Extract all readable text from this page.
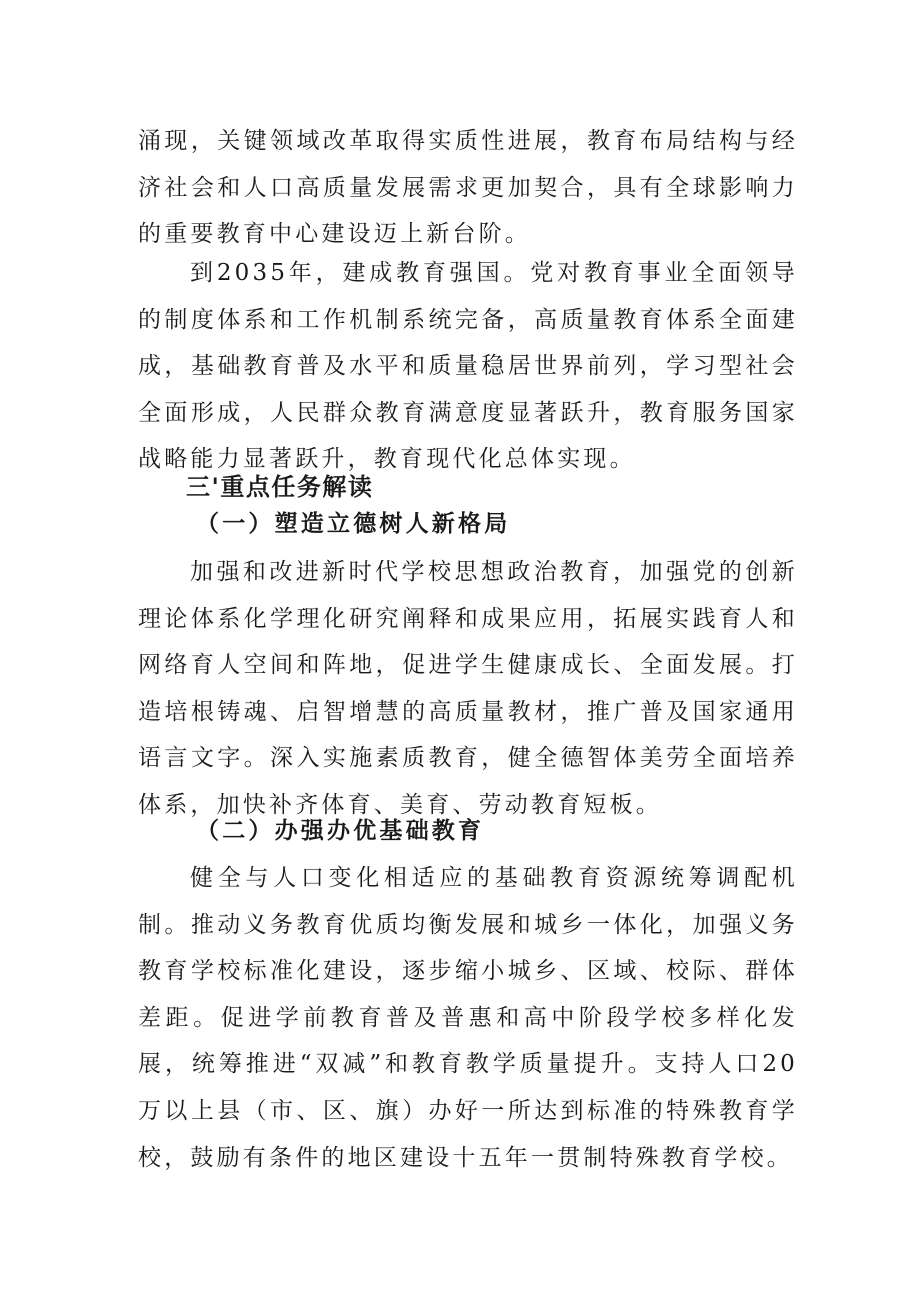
涌现，关键领域改革取得实质性进展，教育布局结构与经济社会和人口高质量发展需求更加契合，具有全球影响力的重要教育中心建设迈上新台阶。

到2035年，建成教育强国。党对教育事业全面领导的制度体系和工作机制系统完备，高质量教育体系全面建成，基础教育普及水平和质量稳居世界前列，学习型社会全面形成，人民群众教育满意度显著跃升，教育服务国家战略能力显著跃升，教育现代化总体实现。

三'重点任务解读
（一）塑造立德树人新格局

加强和改进新时代学校思想政治教育，加强党的创新理论体系化学理化研究阐释和成果应用，拓展实践育人和网络育人空间和阵地，促进学生健康成长、全面发展。打造培根铸魂、启智增慧的高质量教材，推广普及国家通用语言文字。深入实施素质教育，健全德智体美劳全面培养体系，加快补齐体育、美育、劳动教育短板。

（二）办强办优基础教育

健全与人口变化相适应的基础教育资源统筹调配机制。推动义务教育优质均衡发展和城乡一体化，加强义务教育学校标准化建设，逐步缩小城乡、区域、校际、群体差距。促进学前教育普及普惠和高中阶段学校多样化发展，统筹推进“双减”和教育教学质量提升。支持人口20万以上县（市、区、旗）办好一所达到标准的特殊教育学校，鼓励有条件的地区建设十五年一贯制特殊教育学校。
